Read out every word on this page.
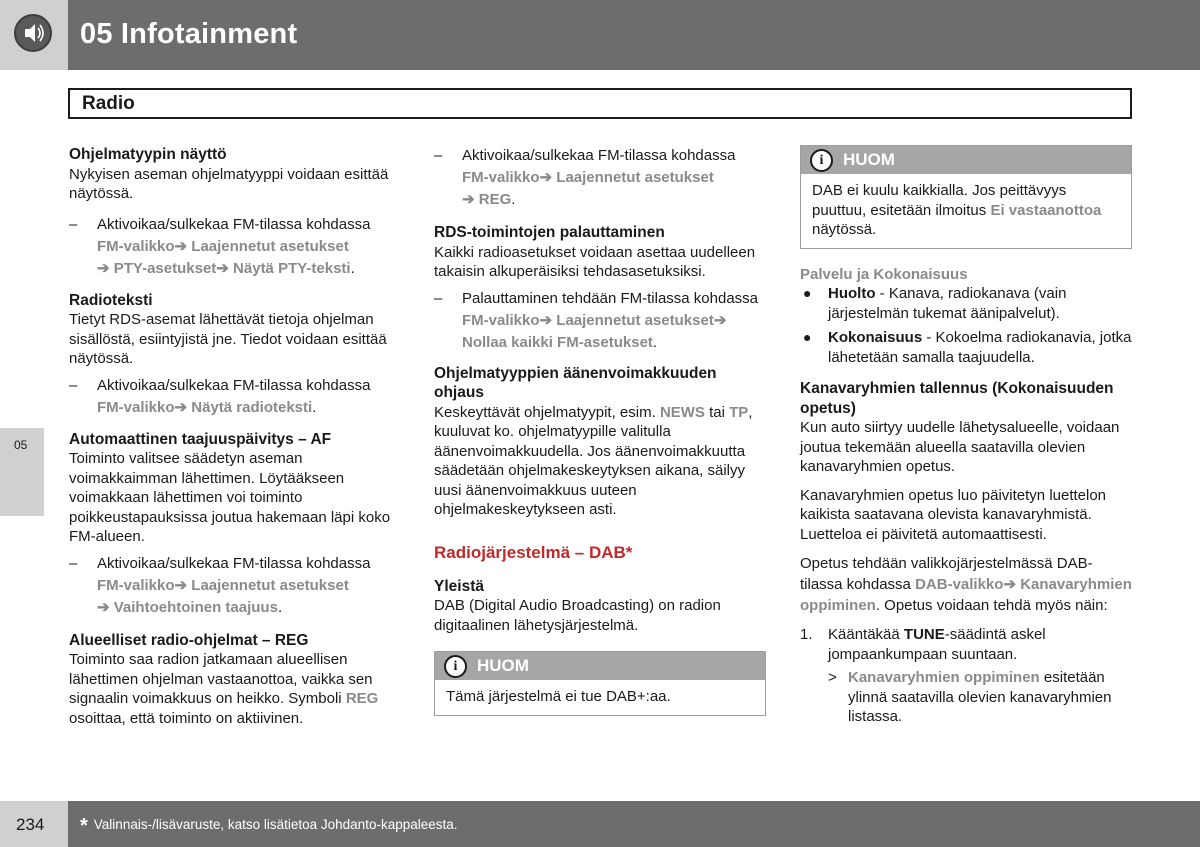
05 Infotainment
Radio
05

Ohjelmatyypin näyttö

Nykyisen aseman ohjelmatyyppi voidaan esittää näytössä.

– Aktivoikaa/sulkekaa FM-tilassa kohdassa FM-valikko➔ Laajennetut asetukset
➔ PTY-asetukset➔ Näytä PTY-teksti.

Radioteksti

Tietyt RDS-asemat lähettävät tietoja ohjelman sisällöstä, esiintyjistä jne. Tiedot voidaan esittää näytössä.

– Aktivoikaa/sulkekaa FM-tilassa kohdassa FM-valikko➔ Näytä radioteksti.

Automaattinen taajuuspäivitys – AF

Toiminto valitsee säädetyn aseman voimakkaimman lähettimen. Löytääkseen voimakkaan lähettimen voi toiminto poikkeustapauksissa joutua hakemaan läpi koko FM-alueen.

– Aktivoikaa/sulkekaa FM-tilassa kohdassa FM-valikko➔ Laajennetut asetukset
➔ Vaihtoehtoinen taajuus.

Alueelliset radio-ohjelmat – REG

Toiminto saa radion jatkamaan alueellisen lähettimen ohjelman vastaanottoa, vaikka sen signaalin voimakkuus on heikko. Symboli REG osoittaa, että toiminto on aktiivinen.

– Aktivoikaa/sulkekaa FM-tilassa kohdassa FM-valikko➔ Laajennetut asetukset
➔ REG.

RDS-toimintojen palauttaminen

Kaikki radioasetukset voidaan asettaa uudelleen takaisin alkuperäisiksi tehdasasetuksiksi.

– Palauttaminen tehdään FM-tilassa kohdassa FM-valikko➔ Laajennetut asetukset➔ Nollaa kaikki FM-asetukset.

Ohjelmatyyppien äänenvoimakkuuden ohjaus

Keskeyttävät ohjelmatyypit, esim. NEWS tai TP, kuuluvat ko. ohjelmatyypille valitulla äänenvoimakkuudella. Jos äänenvoimakkuutta säädetään ohjelmakeskeytyksen aikana, säilyy uusi äänenvoimakkuus uuteen ohjelmakeskeytykseen asti.

Radiojärjestelmä – DAB*

Yleistä

DAB (Digital Audio Broadcasting) on radion digitaalinen lähetysjärjestelmä.

i	HUOM
Tämä järjestelmä ei tue DAB+:aa.
i	HUOM
DAB ei kuulu kaikkialla. Jos peittävyys puuttuu, esitetään ilmoitus Ei vastaanottoa näytössä.

Palvelu ja Kokonaisuus

● Huolto - Kanava, radiokanava (vain järjestelmän tukemat äänipalvelut).

● Kokonaisuus - Kokoelma radiokanavia, jotka lähetetään samalla taajuudella.

Kanavaryhmien tallennus (Kokonaisuuden opetus)

Kun auto siirtyy uudelle lähetysalueelle, voidaan joutua tekemään alueella saatavilla olevien kanavaryhmien opetus.

Kanavaryhmien opetus luo päivitetyn luettelon kaikista saatavana olevista kanavaryhmistä. Luetteloa ei päivitetä automaattisesti.

Opetus tehdään valikkojärjestelmässä DAB-tilassa kohdassa DAB-valikko➔ Kanavaryhmien oppiminen. Opetus voidaan tehdä myös näin:

1. Kääntäkää TUNE-säädintä askel jompaankumpaan suuntaan.

> Kanavaryhmien oppiminen esitetään ylinnä saatavilla olevien kanavaryhmien listassa.

234 * Valinnais-/lisävaruste, katso lisätietoa Johdanto-kappaleesta.
